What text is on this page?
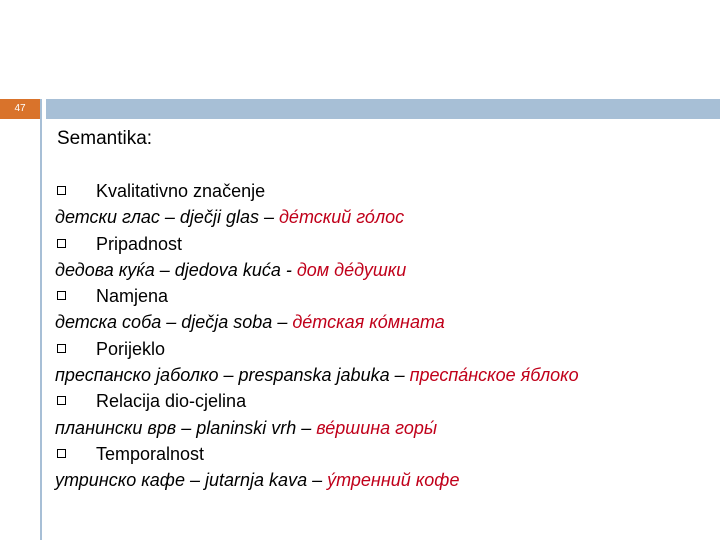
47
Semantika:
Kvalitativno značenje
детски глас – dječji glas – де́тский го́лос
Pripadnost
дедова куќа – djedova kuća - дом де́душки
Namjena
детска соба – dječja soba – де́тская ко́мната
Porijeklo
преспанско јаболко – prespanska jabuka – преспа́нское я́блоко
Relacija dio-cjelina
планински врв – planinski vrh – ве́ршина горы́
Temporalnost
утринско кафе – jutarnja kava – у́тренний кофе
